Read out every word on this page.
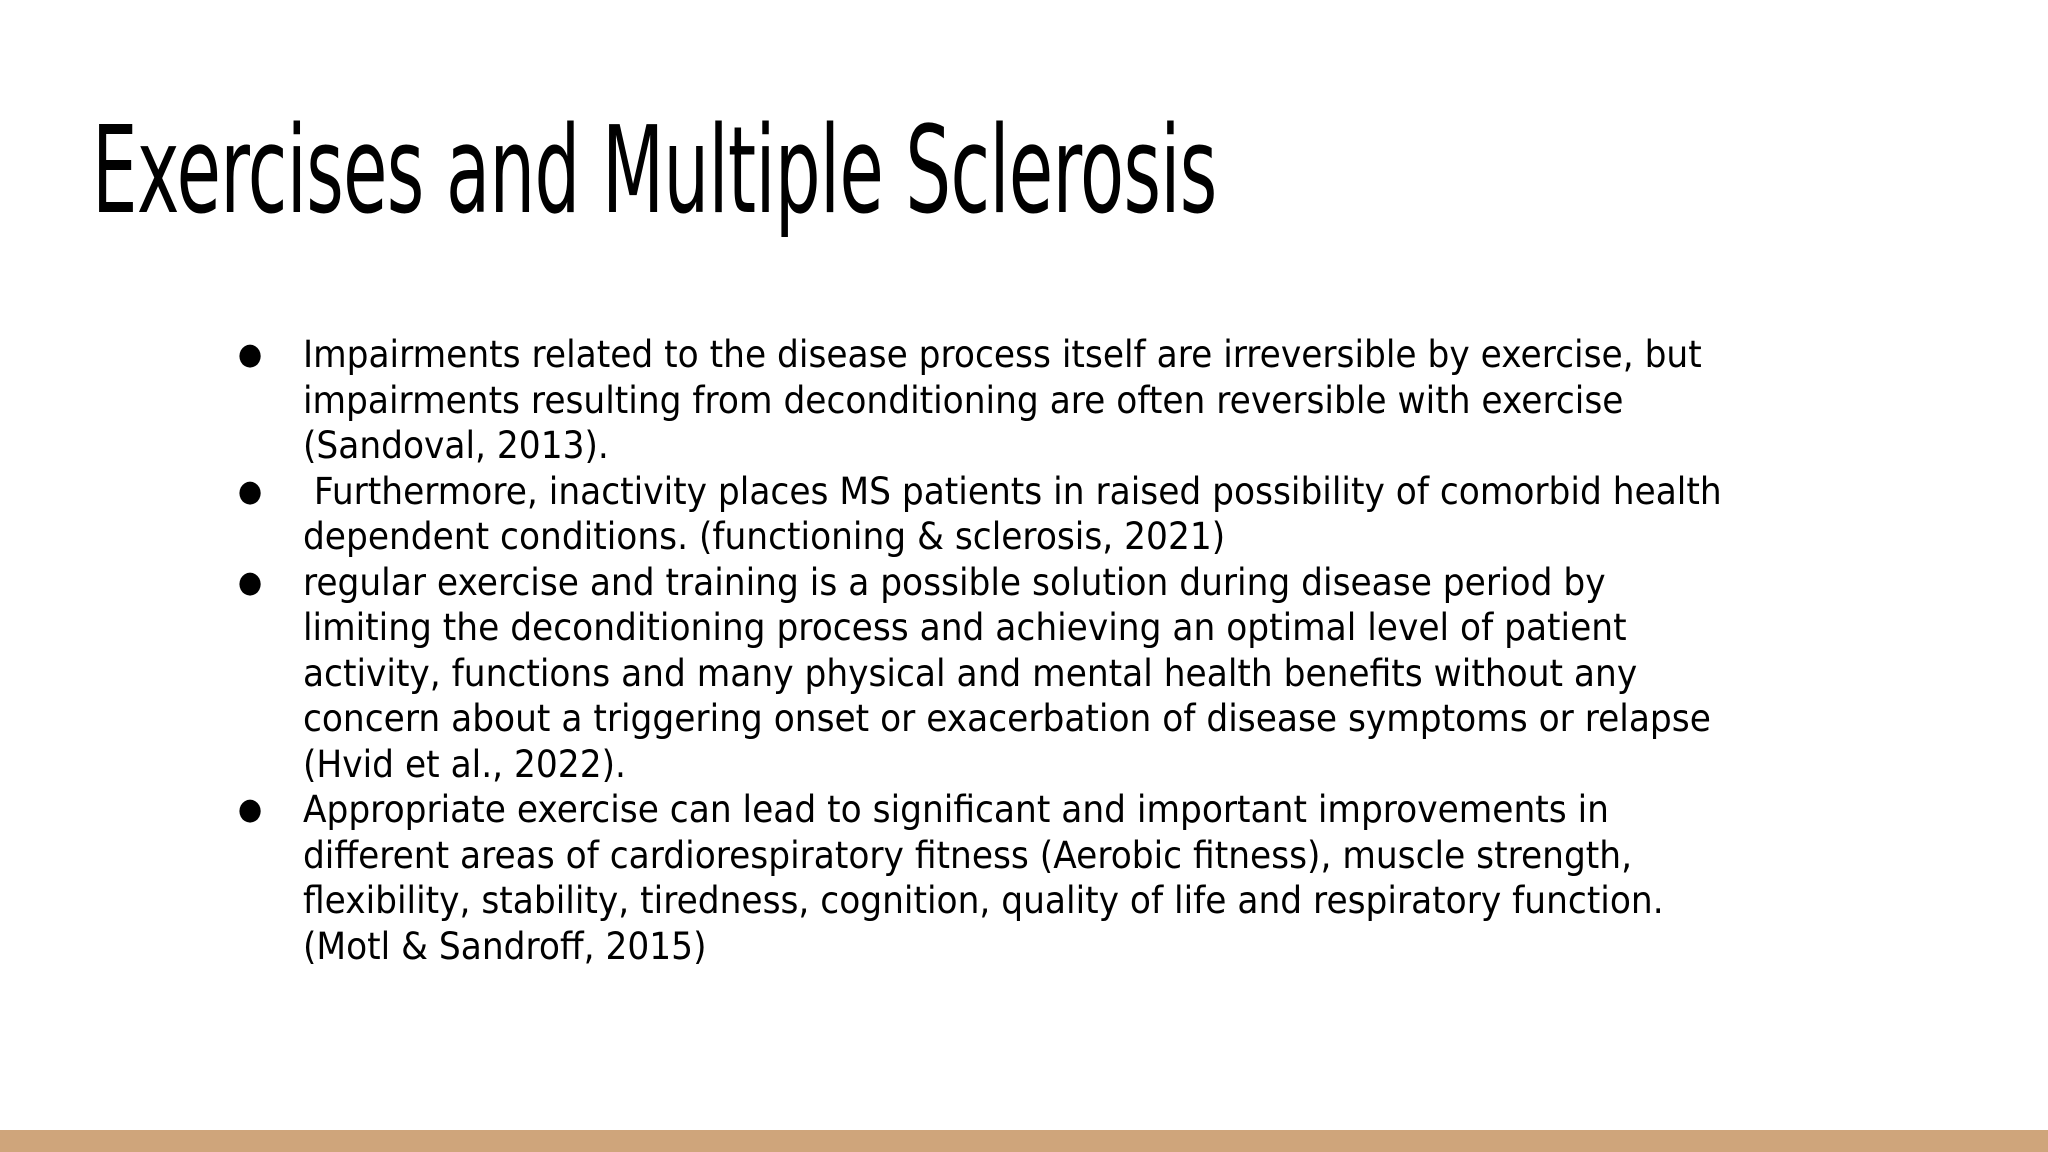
Exercises and Multiple Sclerosis
● Impairments related to the disease process itself are irreversible by exercise, but impairments resulting from deconditioning are often reversible with exercise (Sandoval, 2013).
● Furthermore, inactivity places MS patients in raised possibility of comorbid health dependent conditions. (functioning & sclerosis, 2021)
● regular exercise and training is a possible solution during disease period by limiting the deconditioning process and achieving an optimal level of patient activity, functions and many physical and mental health benefits without any concern about a triggering onset or exacerbation of disease symptoms or relapse (Hvid et al., 2022).
● Appropriate exercise can lead to significant and important improvements in different areas of cardiorespiratory fitness (Aerobic fitness), muscle strength, flexibility, stability, tiredness, cognition, quality of life and respiratory function.(Motl & Sandroff, 2015)
